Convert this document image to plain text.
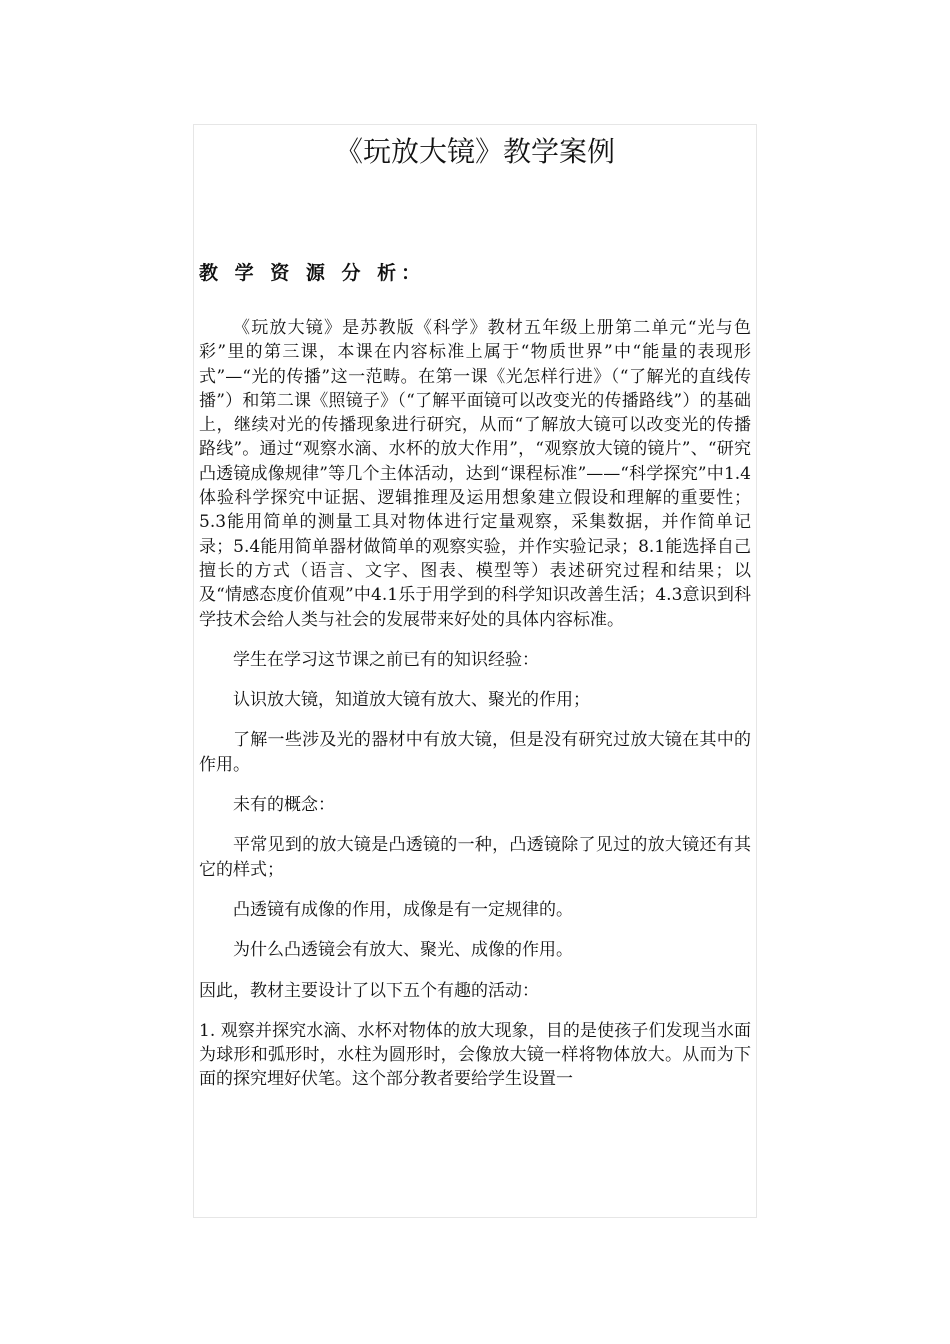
《玩放大镜》教学案例
教 学 资 源 分 析：

《玩放大镜》是苏教版《科学》教材五年级上册第二单元“光与色彩”里的第三课，本课在内容标准上属于“物质世界”中“能量的表现形式”—“光的传播”这一范畴。在第一课《光怎样行进》（“了解光的直线传播”）和第二课《照镜子》（“了解平面镜可以改变光的传播路线”）的基础上，继续对光的传播现象进行研究，从而“了解放大镜可以改变光的传播路线”。通过“观察水滴、水杯的放大作用”，“观察放大镜的镜片”、“研究凸透镜成像规律”等几个主体活动，达到“课程标准”——“科学探究”中1.4体验科学探究中证据、逻辑推理及运用想象建立假设和理解的重要性；5.3能用简单的测量工具对物体进行定量观察，采集数据，并作简单记录；5.4能用简单器材做简单的观察实验，并作实验记录；8.1能选择自己擅长的方式（语言、文字、图表、模型等）表述研究过程和结果；以及“情感态度价值观”中4.1乐于用学到的科学知识改善生活；4.3意识到科学技术会给人类与社会的发展带来好处的具体内容标准。

学生在学习这节课之前已有的知识经验：

认识放大镜，知道放大镜有放大、聚光的作用；

了解一些涉及光的器材中有放大镜，但是没有研究过放大镜在其中的作用。

未有的概念：

平常见到的放大镜是凸透镜的一种，凸透镜除了见过的放大镜还有其它的样式；

凸透镜有成像的作用，成像是有一定规律的。

为什么凸透镜会有放大、聚光、成像的作用。

因此，教材主要设计了以下五个有趣的活动：

1. 观察并探究水滴、水杯对物体的放大现象，目的是使孩子们发现当水面为球形和弧形时，水柱为圆形时，会像放大镜一样将物体放大。从而为下面的探究埋好伏笔。这个部分教者要给学生设置一
